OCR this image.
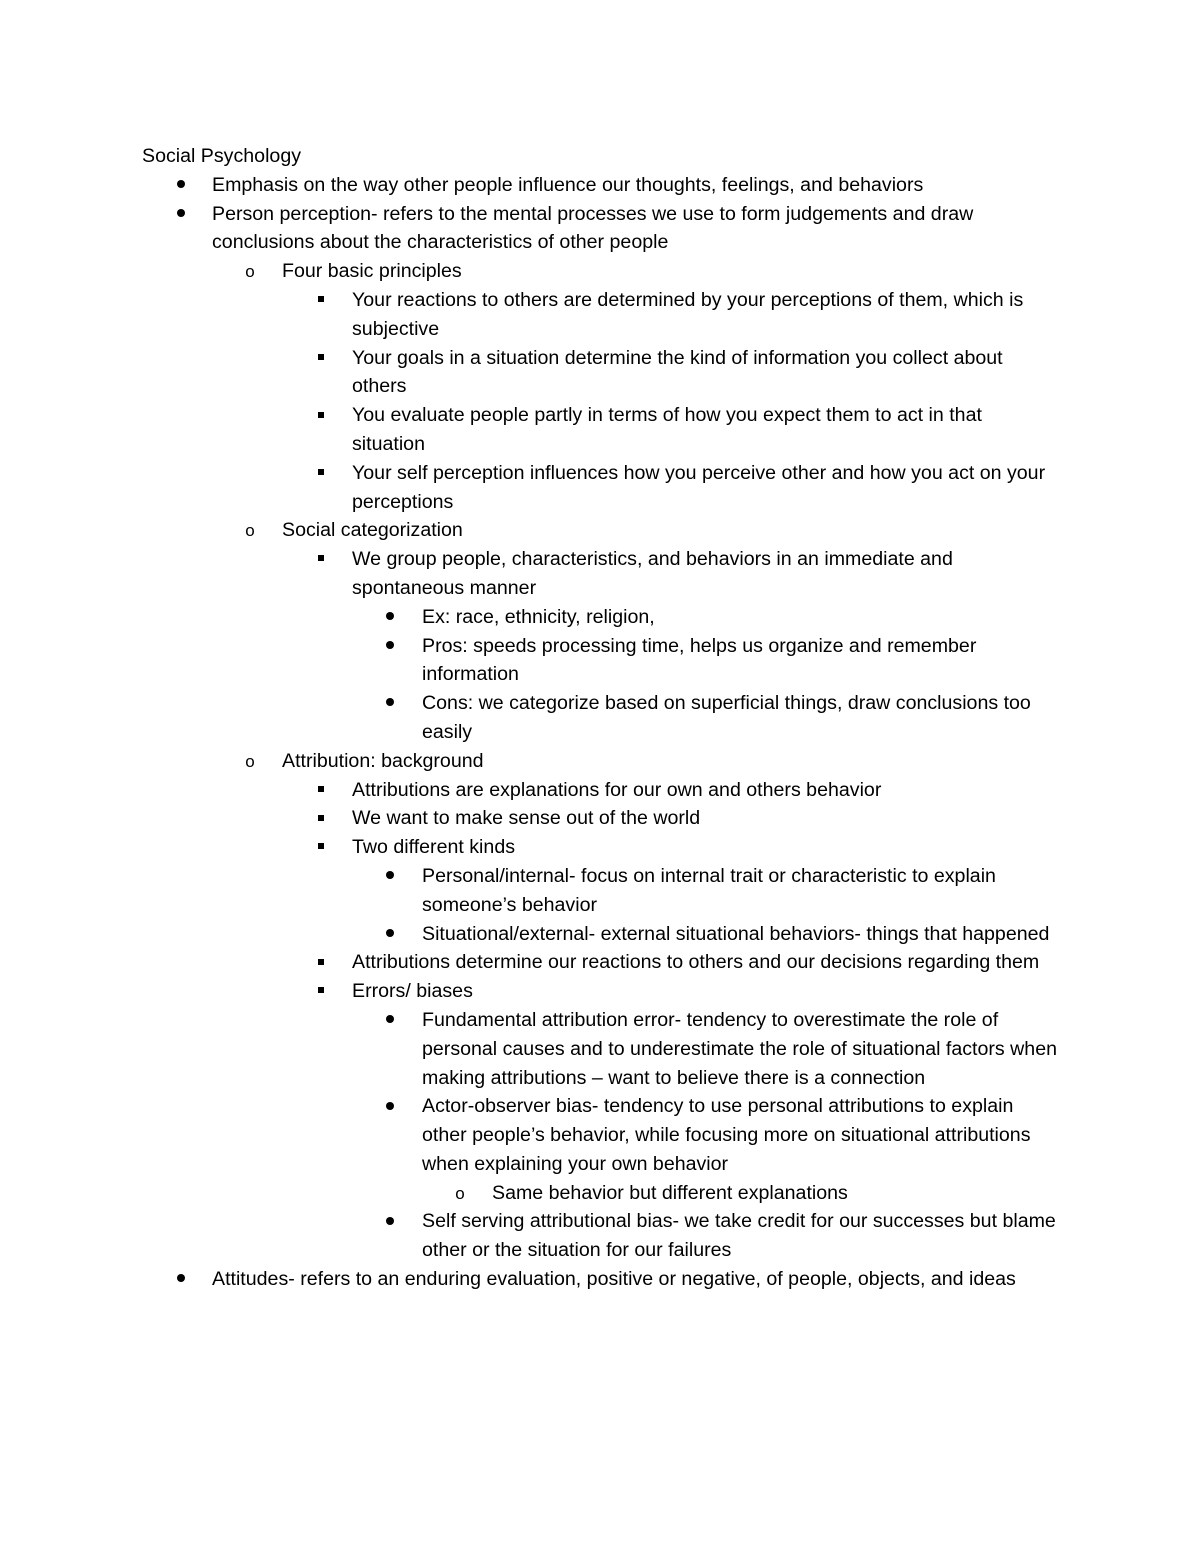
Social Psychology
Emphasis on the way other people influence our thoughts, feelings, and behaviors
Person perception- refers to the mental processes we use to form judgements and draw conclusions about the characteristics of other people
o Four basic principles
Your reactions to others are determined by your perceptions of them, which is subjective
Your goals in a situation determine the kind of information you collect about others
You evaluate people partly in terms of how you expect them to act in that situation
Your self perception influences how you perceive other and how you act on your perceptions
o Social categorization
We group people, characteristics, and behaviors in an immediate and spontaneous manner
Ex: race, ethnicity, religion,
Pros: speeds processing time, helps us organize and remember information
Cons: we categorize based on superficial things, draw conclusions too easily
o Attribution: background
Attributions are explanations for our own and others behavior
We want to make sense out of the world
Two different kinds
Personal/internal- focus on internal trait or characteristic to explain someone’s behavior
Situational/external- external situational behaviors- things that happened
Attributions determine our reactions to others and our decisions regarding them
Errors/ biases
Fundamental attribution error- tendency to overestimate the role of personal causes and to underestimate the role of situational factors when making attributions – want to believe there is a connection
Actor-observer bias- tendency to use personal attributions to explain other people’s behavior, while focusing more on situational attributions when explaining your own behavior
o Same behavior but different explanations
Self serving attributional bias- we take credit for our successes but blame other or the situation for our failures
Attitudes- refers to an enduring evaluation, positive or negative, of people, objects, and ideas
